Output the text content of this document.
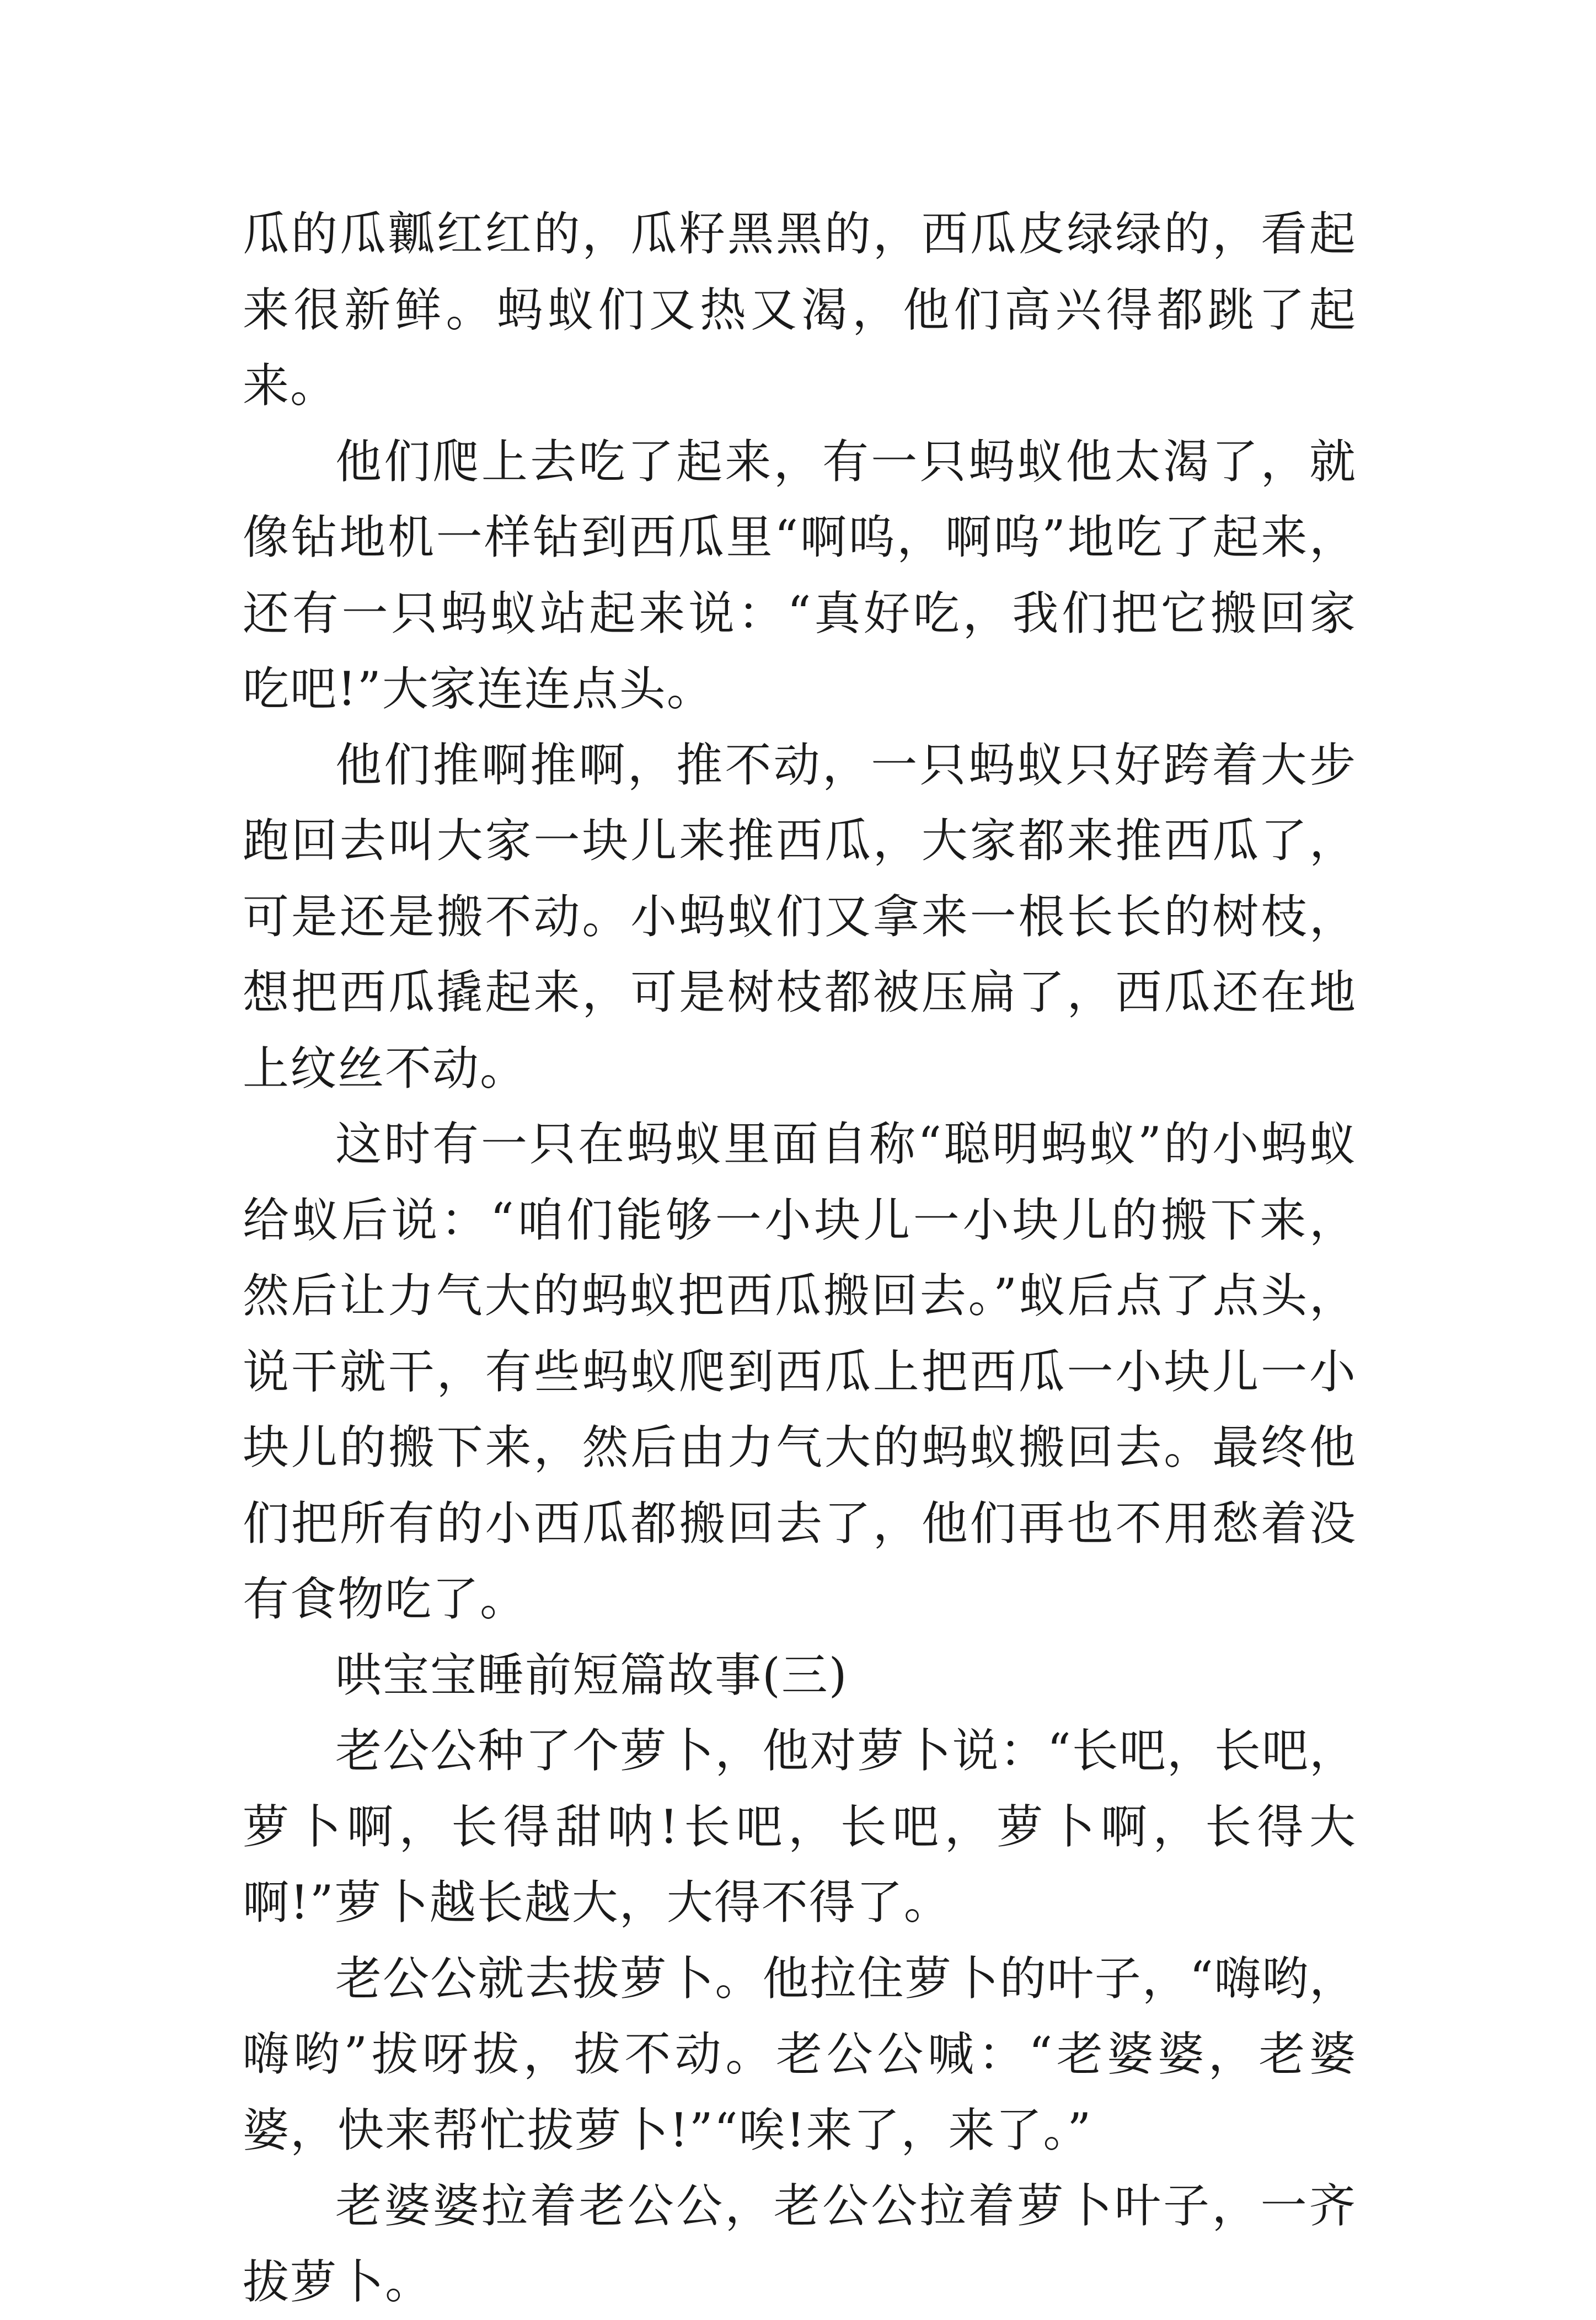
瓜的瓜瓤红红的，瓜籽黑黑的，西瓜皮绿绿的，看起来很新鲜。蚂蚁们又热又渴，他们高兴得都跳了起来。

他们爬上去吃了起来，有一只蚂蚁他太渴了，就像钻地机一样钻到西瓜里“啊呜，啊呜”地吃了起来，还有一只蚂蚁站起来说：“真好吃，我们把它搬回家吃吧!”大家连连点头。

他们推啊推啊，推不动，一只蚂蚁只好跨着大步跑回去叫大家一块儿来推西瓜，大家都来推西瓜了，可是还是搬不动。小蚂蚁们又拿来一根长长的树枝，想把西瓜撬起来，可是树枝都被压扁了，西瓜还在地上纹丝不动。

这时有一只在蚂蚁里面自称“聪明蚂蚁”的小蚂蚁给蚁后说：“咱们能够一小块儿一小块儿的搬下来，然后让力气大的蚂蚁把西瓜搬回去。”蚁后点了点头，说干就干，有些蚂蚁爬到西瓜上把西瓜一小块儿一小块儿的搬下来，然后由力气大的蚂蚁搬回去。最终他们把所有的小西瓜都搬回去了，他们再也不用愁着没有食物吃了。

哄宝宝睡前短篇故事(三)

老公公种了个萝卜，他对萝卜说：“长吧，长吧，萝卜啊，长得甜呐!长吧，长吧，萝卜啊，长得大啊!”萝卜越长越大，大得不得了。

老公公就去拔萝卜。他拉住萝卜的叶子，“嗨哟，嗨哟”拔呀拔，拔不动。老公公喊：“老婆婆，老婆婆，快来帮忙拔萝卜!”“唉!来了，来了。”

老婆婆拉着老公公，老公公拉着萝卜叶子，一齐拔萝卜。
